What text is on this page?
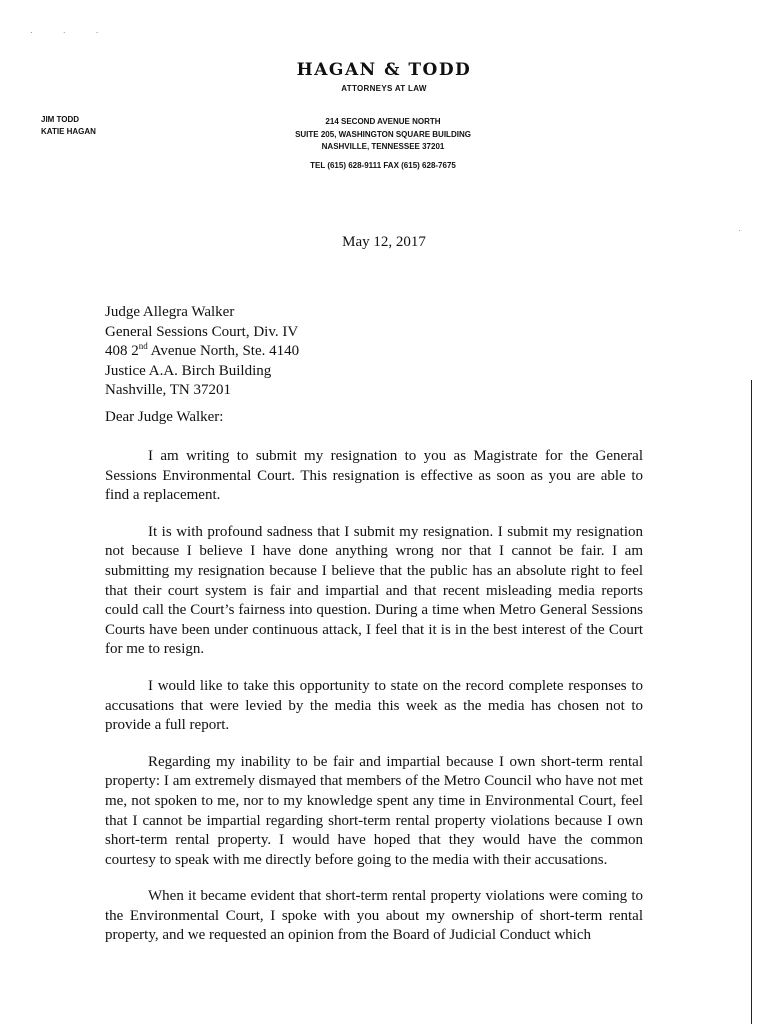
· · ·
·
HAGAN & TODD
ATTORNEYS AT LAW
JIM TODD
KATIE HAGAN
214 SECOND AVENUE NORTH
SUITE 205, WASHINGTON SQUARE BUILDING
NASHVILLE, TENNESSEE 37201
TEL (615) 628-9111 FAX (615) 628-7675
May 12, 2017
Judge Allegra Walker
General Sessions Court, Div. IV
408 2nd Avenue North, Ste. 4140
Justice A.A. Birch Building
Nashville, TN 37201
Dear Judge Walker:

I am writing to submit my resignation to you as Magistrate for the General Sessions Environmental Court. This resignation is effective as soon as you are able to find a replacement.

It is with profound sadness that I submit my resignation. I submit my resignation not because I believe I have done anything wrong nor that I cannot be fair. I am submitting my resignation because I believe that the public has an absolute right to feel that their court system is fair and impartial and that recent misleading media reports could call the Court’s fairness into question. During a time when Metro General Sessions Courts have been under continuous attack, I feel that it is in the best interest of the Court for me to resign.

I would like to take this opportunity to state on the record complete responses to accusations that were levied by the media this week as the media has chosen not to provide a full report.

Regarding my inability to be fair and impartial because I own short-term rental property: I am extremely dismayed that members of the Metro Council who have not met me, not spoken to me, nor to my knowledge spent any time in Environmental Court, feel that I cannot be impartial regarding short-term rental property violations because I own short-term rental property. I would have hoped that they would have the common courtesy to speak with me directly before going to the media with their accusations.

When it became evident that short-term rental property violations were coming to the Environmental Court, I spoke with you about my ownership of short-term rental property, and we requested an opinion from the Board of Judicial Conduct which
